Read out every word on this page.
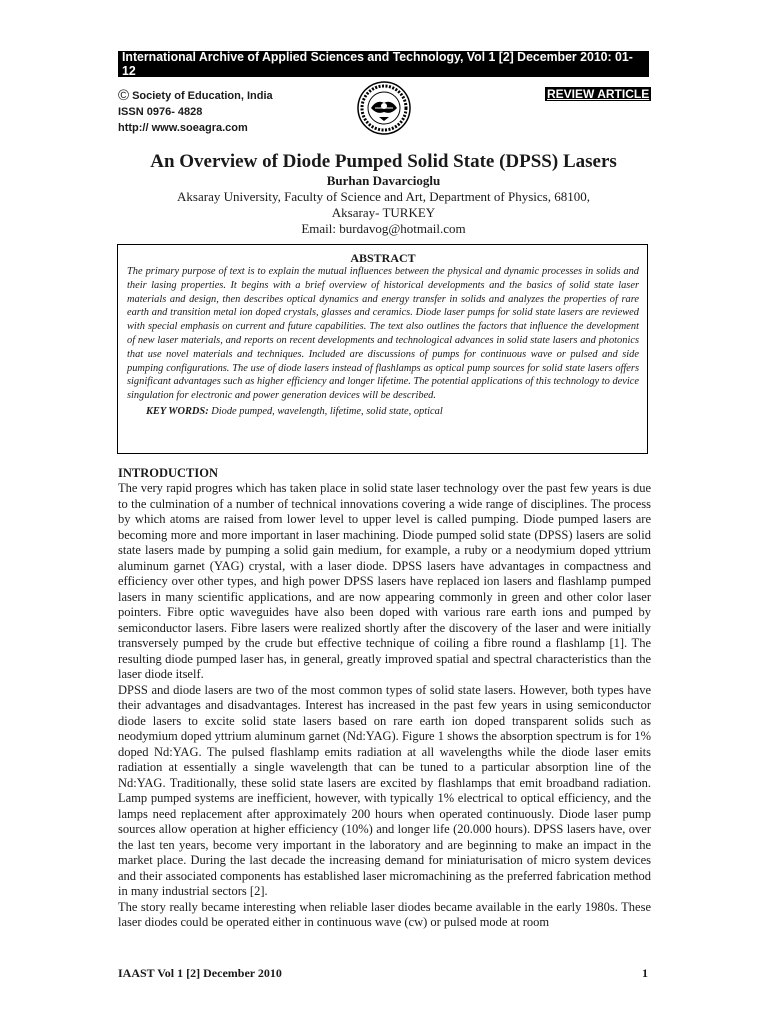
International Archive of Applied Sciences and Technology, Vol 1 [2] December 2010: 01-12
© Society of Education, India
ISSN 0976- 4828
http:// www.soeagra.com
REVIEW ARTICLE
An Overview of Diode Pumped Solid State (DPSS) Lasers
Burhan Davarcioglu
Aksaray University, Faculty of Science and Art, Department of Physics, 68100,
Aksaray- TURKEY
Email: burdavog@hotmail.com
ABSTRACT

The primary purpose of text is to explain the mutual influences between the physical and dynamic processes in solids and their lasing properties. It begins with a brief overview of historical developments and the basics of solid state laser materials and design, then describes optical dynamics and energy transfer in solids and analyzes the properties of rare earth and transition metal ion doped crystals, glasses and ceramics. Diode laser pumps for solid state lasers are reviewed with special emphasis on current and future capabilities. The text also outlines the factors that influence the development of new laser materials, and reports on recent developments and technological advances in solid state lasers and photonics that use novel materials and techniques. Included are discussions of pumps for continuous wave or pulsed and side pumping configurations. The use of diode lasers instead of flashlamps as optical pump sources for solid state lasers offers significant advantages such as higher efficiency and longer lifetime. The potential applications of this technology to device singulation for electronic and power generation devices will be described.

KEY WORDS: Diode pumped, wavelength, lifetime, solid state, optical

INTRODUCTION

The very rapid progres which has taken place in solid state laser technology over the past few years is due to the culmination of a number of technical innovations covering a wide range of disciplines. The process by which atoms are raised from lower level to upper level is called pumping. Diode pumped lasers are becoming more and more important in laser machining. Diode pumped solid state (DPSS) lasers are solid state lasers made by pumping a solid gain medium, for example, a ruby or a neodymium doped yttrium aluminum garnet (YAG) crystal, with a laser diode. DPSS lasers have advantages in compactness and efficiency over other types, and high power DPSS lasers have replaced ion lasers and flashlamp pumped lasers in many scientific applications, and are now appearing commonly in green and other color laser pointers. Fibre optic waveguides have also been doped with various rare earth ions and pumped by semiconductor lasers. Fibre lasers were realized shortly after the discovery of the laser and were initially transversely pumped by the crude but effective technique of coiling a fibre round a flashlamp [1]. The resulting diode pumped laser has, in general, greatly improved spatial and spectral characteristics than the laser diode itself.

DPSS and diode lasers are two of the most common types of solid state lasers. However, both types have their advantages and disadvantages. Interest has increased in the past few years in using semiconductor diode lasers to excite solid state lasers based on rare earth ion doped transparent solids such as neodymium doped yttrium aluminum garnet (Nd:YAG). Figure 1 shows the absorption spectrum is for 1% doped Nd:YAG. The pulsed flashlamp emits radiation at all wavelengths while the diode laser emits radiation at essentially a single wavelength that can be tuned to a particular absorption line of the Nd:YAG. Traditionally, these solid state lasers are excited by flashlamps that emit broadband radiation. Lamp pumped systems are inefficient, however, with typically 1% electrical to optical efficiency, and the lamps need replacement after approximately 200 hours when operated continuously. Diode laser pump sources allow operation at higher efficiency (10%) and longer life (20.000 hours). DPSS lasers have, over the last ten years, become very important in the laboratory and are beginning to make an impact in the market place. During the last decade the increasing demand for miniaturisation of micro system devices and their associated components has established laser micromachining as the preferred fabrication method in many industrial sectors [2].

The story really became interesting when reliable laser diodes became available in the early 1980s. These laser diodes could be operated either in continuous wave (cw) or pulsed mode at room

IAAST Vol 1 [2] December 2010	1
